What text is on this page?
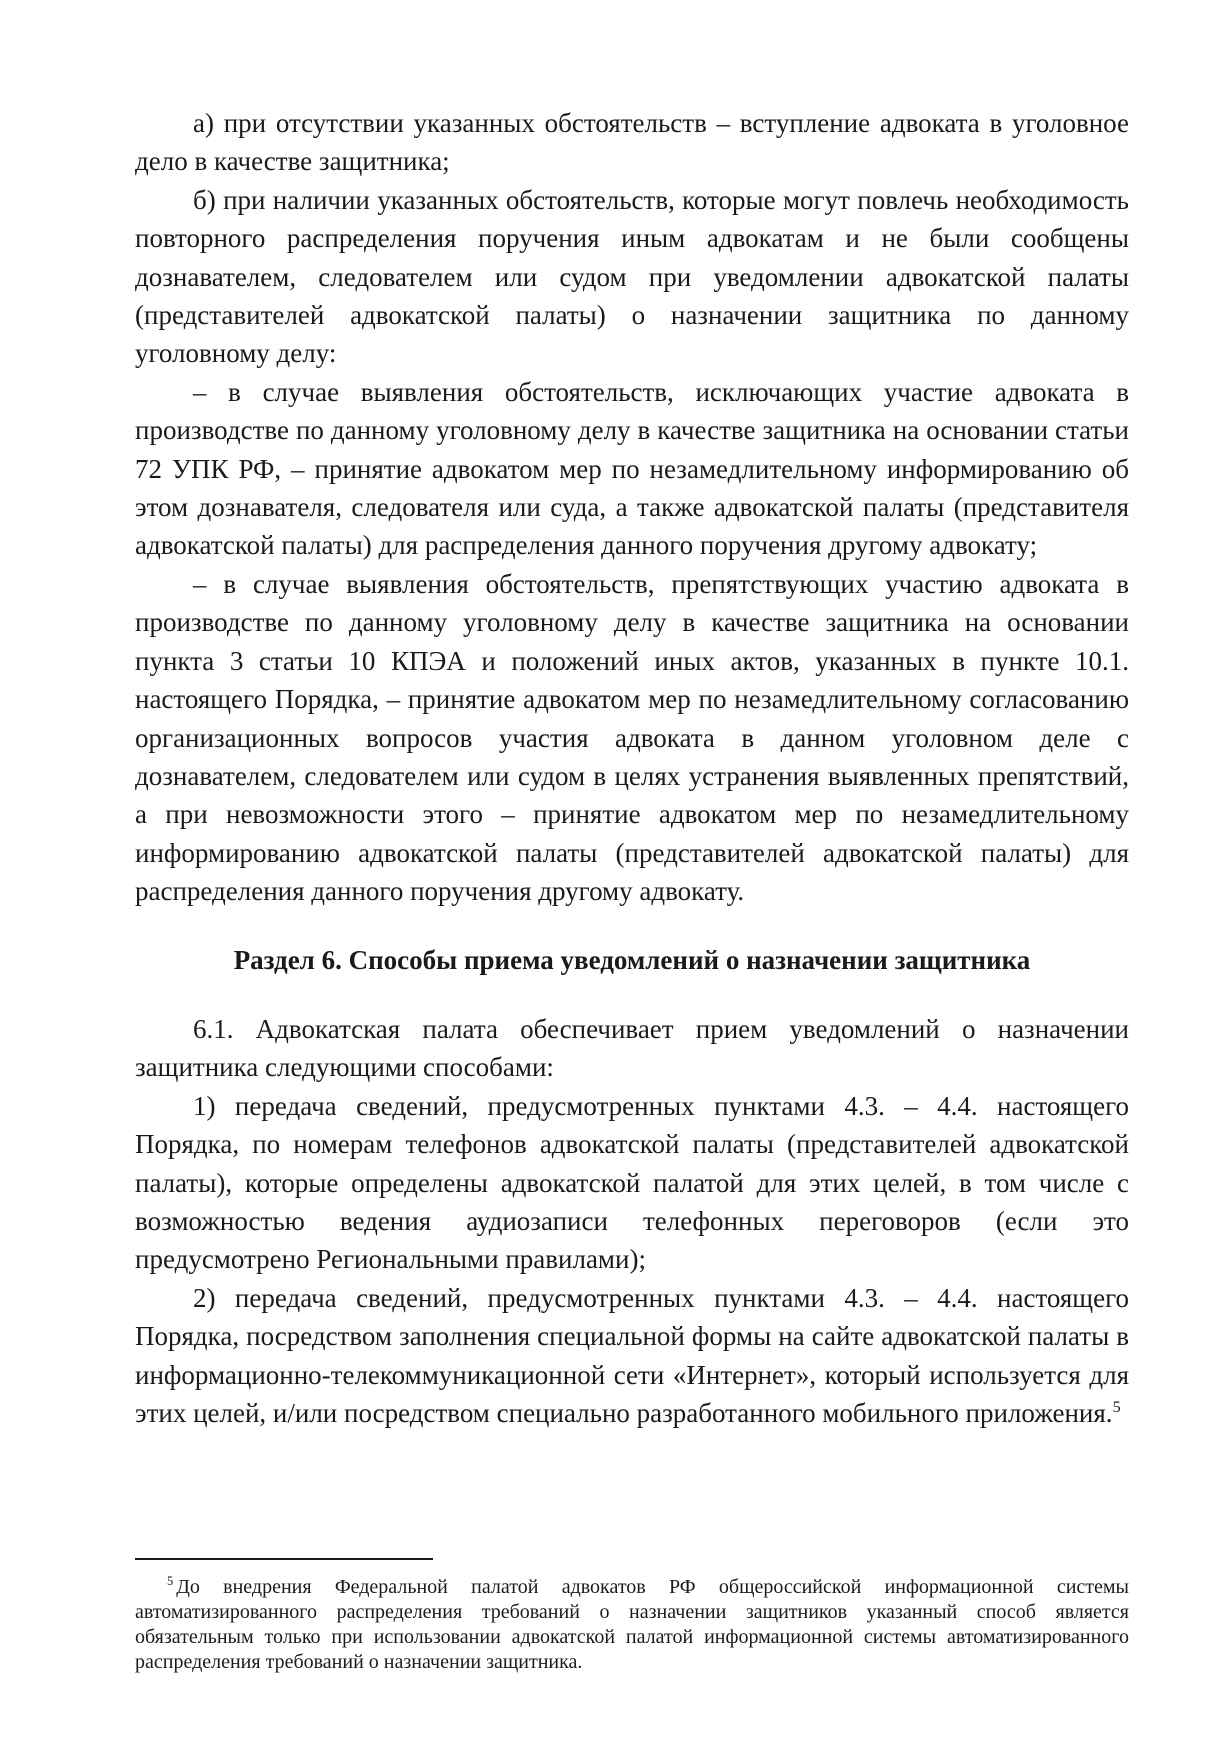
а) при отсутствии указанных обстоятельств – вступление адвоката в уголовное дело в качестве защитника;

б) при наличии указанных обстоятельств, которые могут повлечь необходимость повторного распределения поручения иным адвокатам и не были сообщены дознавателем, следователем или судом при уведомлении адвокатской палаты (представителей адвокатской палаты) о назначении защитника по данному уголовному делу:

– в случае выявления обстоятельств, исключающих участие адвоката в производстве по данному уголовному делу в качестве защитника на основании статьи 72 УПК РФ, – принятие адвокатом мер по незамедлительному информированию об этом дознавателя, следователя или суда, а также адвокатской палаты (представителя адвокатской палаты) для распределения данного поручения другому адвокату;

– в случае выявления обстоятельств, препятствующих участию адвоката в производстве по данному уголовному делу в качестве защитника на основании пункта 3 статьи 10 КПЭА и положений иных актов, указанных в пункте 10.1. настоящего Порядка, – принятие адвокатом мер по незамедлительному согласованию организационных вопросов участия адвоката в данном уголовном деле с дознавателем, следователем или судом в целях устранения выявленных препятствий, а при невозможности этого – принятие адвокатом мер по незамедлительному информированию адвокатской палаты (представителей адвокатской палаты) для распределения данного поручения другому адвокату.

Раздел 6. Способы приема уведомлений о назначении защитника

6.1. Адвокатская палата обеспечивает прием уведомлений о назначении защитника следующими способами:

1) передача сведений, предусмотренных пунктами 4.3. – 4.4. настоящего Порядка, по номерам телефонов адвокатской палаты (представителей адвокатской палаты), которые определены адвокатской палатой для этих целей, в том числе с возможностью ведения аудиозаписи телефонных переговоров (если это предусмотрено Региональными правилами);

2) передача сведений, предусмотренных пунктами 4.3. – 4.4. настоящего Порядка, посредством заполнения специальной формы на сайте адвокатской палаты в информационно-телекоммуникационной сети «Интернет», который используется для этих целей, и/или посредством специально разработанного мобильного приложения.$^5$

$^5$ До внедрения Федеральной палатой адвокатов РФ общероссийской информационной системы автоматизированного распределения требований о назначении защитников указанный способ является обязательным только при использовании адвокатской палатой информационной системы автоматизированного распределения требований о назначении защитника.
